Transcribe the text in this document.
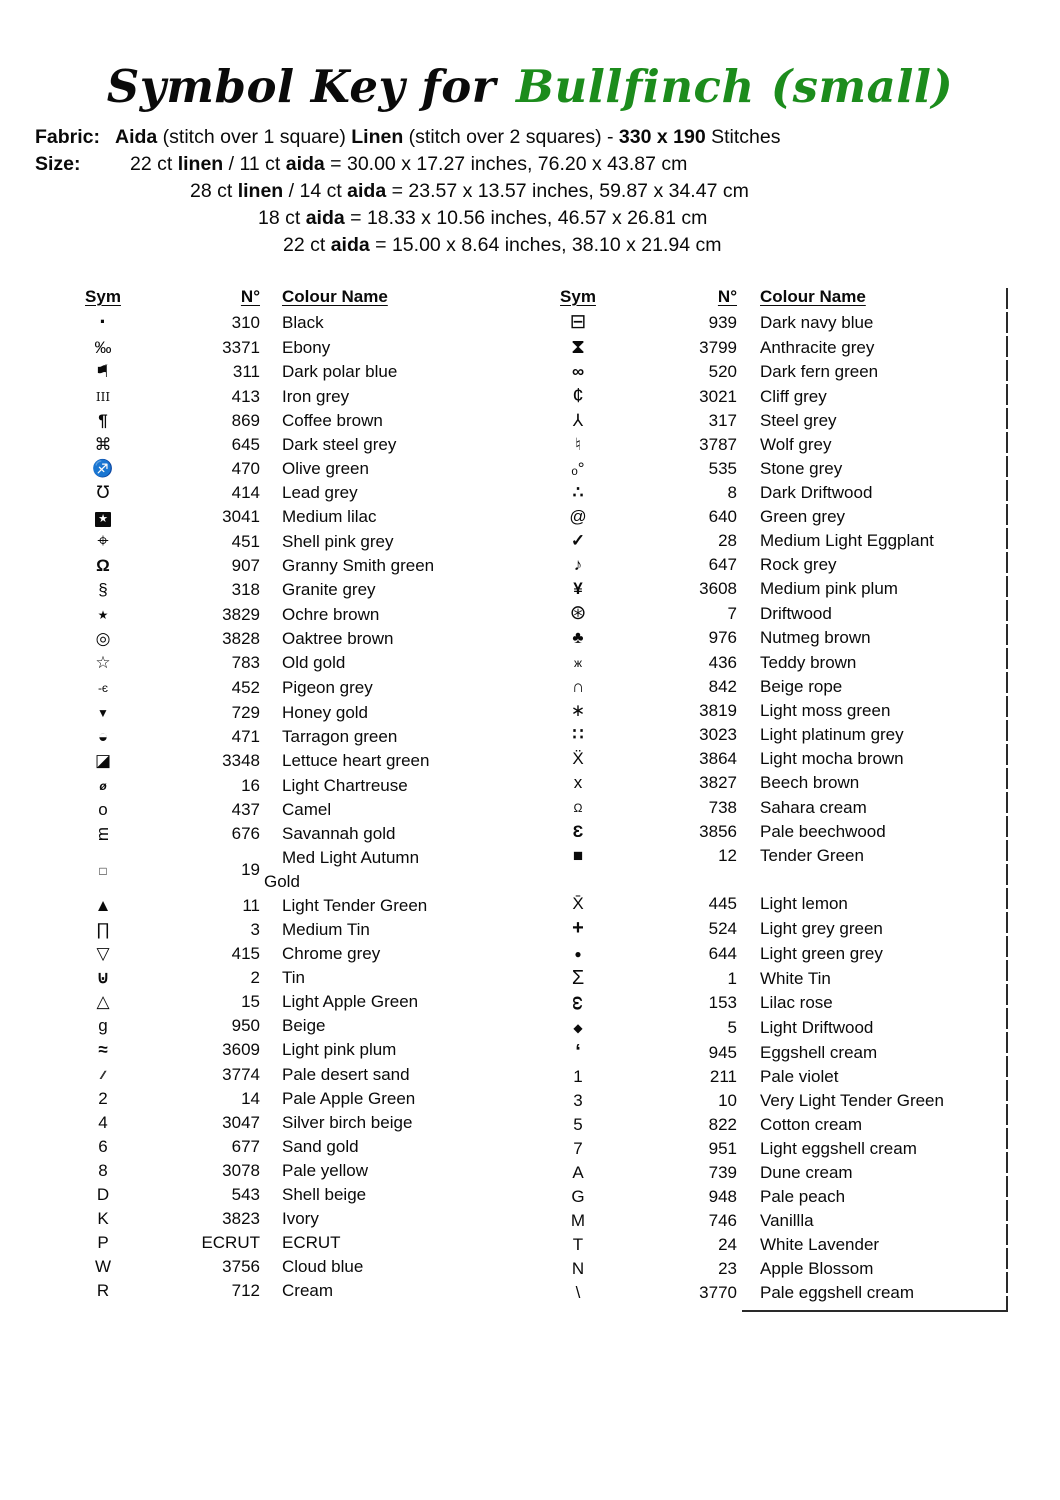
Symbol Key for Bullfinch (small)
Fabric: Aida (stitch over 1 square) Linen (stitch over 2 squares) - 330 x 190 Stitches
Size:	22 ct linen / 11 ct aida = 30.00 x 17.27 inches, 76.20 x 43.87 cm
28 ct linen / 14 ct aida = 23.57 x 13.57 inches, 59.87 x 34.47 cm
18 ct aida = 18.33 x 10.56 inches, 46.57 x 26.81 cm
22 ct aida = 15.00 x 8.64 inches, 38.10 x 21.94 cm
Sym	N°	Colour Name
·	310	Black

‰	3371	Ebony

⚑	311	Dark polar blue

III	413	Iron grey

¶	869	Coffee brown

⌘	645	Dark steel grey

♐	470	Olive green

℧	414	Lead grey

★	3041	Medium lilac

⌖	451	Shell pink grey

Ω	907	Granny Smith green

§	318	Granite grey

★	3829	Ochre brown

◎	3828	Oaktree brown

☆	783	Old gold

-є	452	Pigeon grey

▼	729	Honey gold

◒	471	Tarragon green

◪	3348	Lettuce heart green

ø	16	Light Chartreuse

o	437	Camel

m	676	Savannah gold

□	19	Med Light Autumn Gold

▲	11	Light Tender Green

∏	3	Medium Tin

▽	415	Chrome grey

⊍	2	Tin

△	15	Light Apple Green

g	950	Beige

≈	3609	Light pink plum

	3774	Pale desert sand

2	14	Pale Apple Green

4	3047	Silver birch beige

6	677	Sand gold

8	3078	Pale yellow

D	543	Shell beige

K	3823	Ivory

P	ECRUT	ECRUT

W	3756	Cloud blue

R	712	Cream
Sym	N°	Colour Name
⊟	939	Dark navy blue

⧗	3799	Anthracite grey

∞	520	Dark fern green

¢	3021	Cliff grey

⅄	317	Steel grey

♮	3787	Wolf grey

ₒ°	535	Stone grey

∴	8	Dark Driftwood

@	640	Green grey

✓	28	Medium Light Eggplant

♪	647	Rock grey

¥	3608	Medium pink plum

⊛	7	Driftwood

♣	976	Nutmeg brown

ж	436	Teddy brown

∩	842	Beige rope

∗	3819	Light moss green

∷	3023	Light platinum grey

Ẍ	3864	Light mocha brown

x	3827	Beech brown

Ω	738	Sahara cream

Ɛ	3856	Pale beechwood

■	12	Tender Green

X̄	445	Light lemon

+	524	Light grey green

●	644	Light green grey

Σ	1	White Tin

ω	153	Lilac rose

◆	5	Light Driftwood

‘	945	Eggshell cream

1	211	Pale violet

3	10	Very Light Tender Green

5	822	Cotton cream

7	951	Light eggshell cream

A	739	Dune cream

G	948	Pale peach

M	746	Vanillla

T	24	White Lavender

N	23	Apple Blossom

\	3770	Pale eggshell cream
